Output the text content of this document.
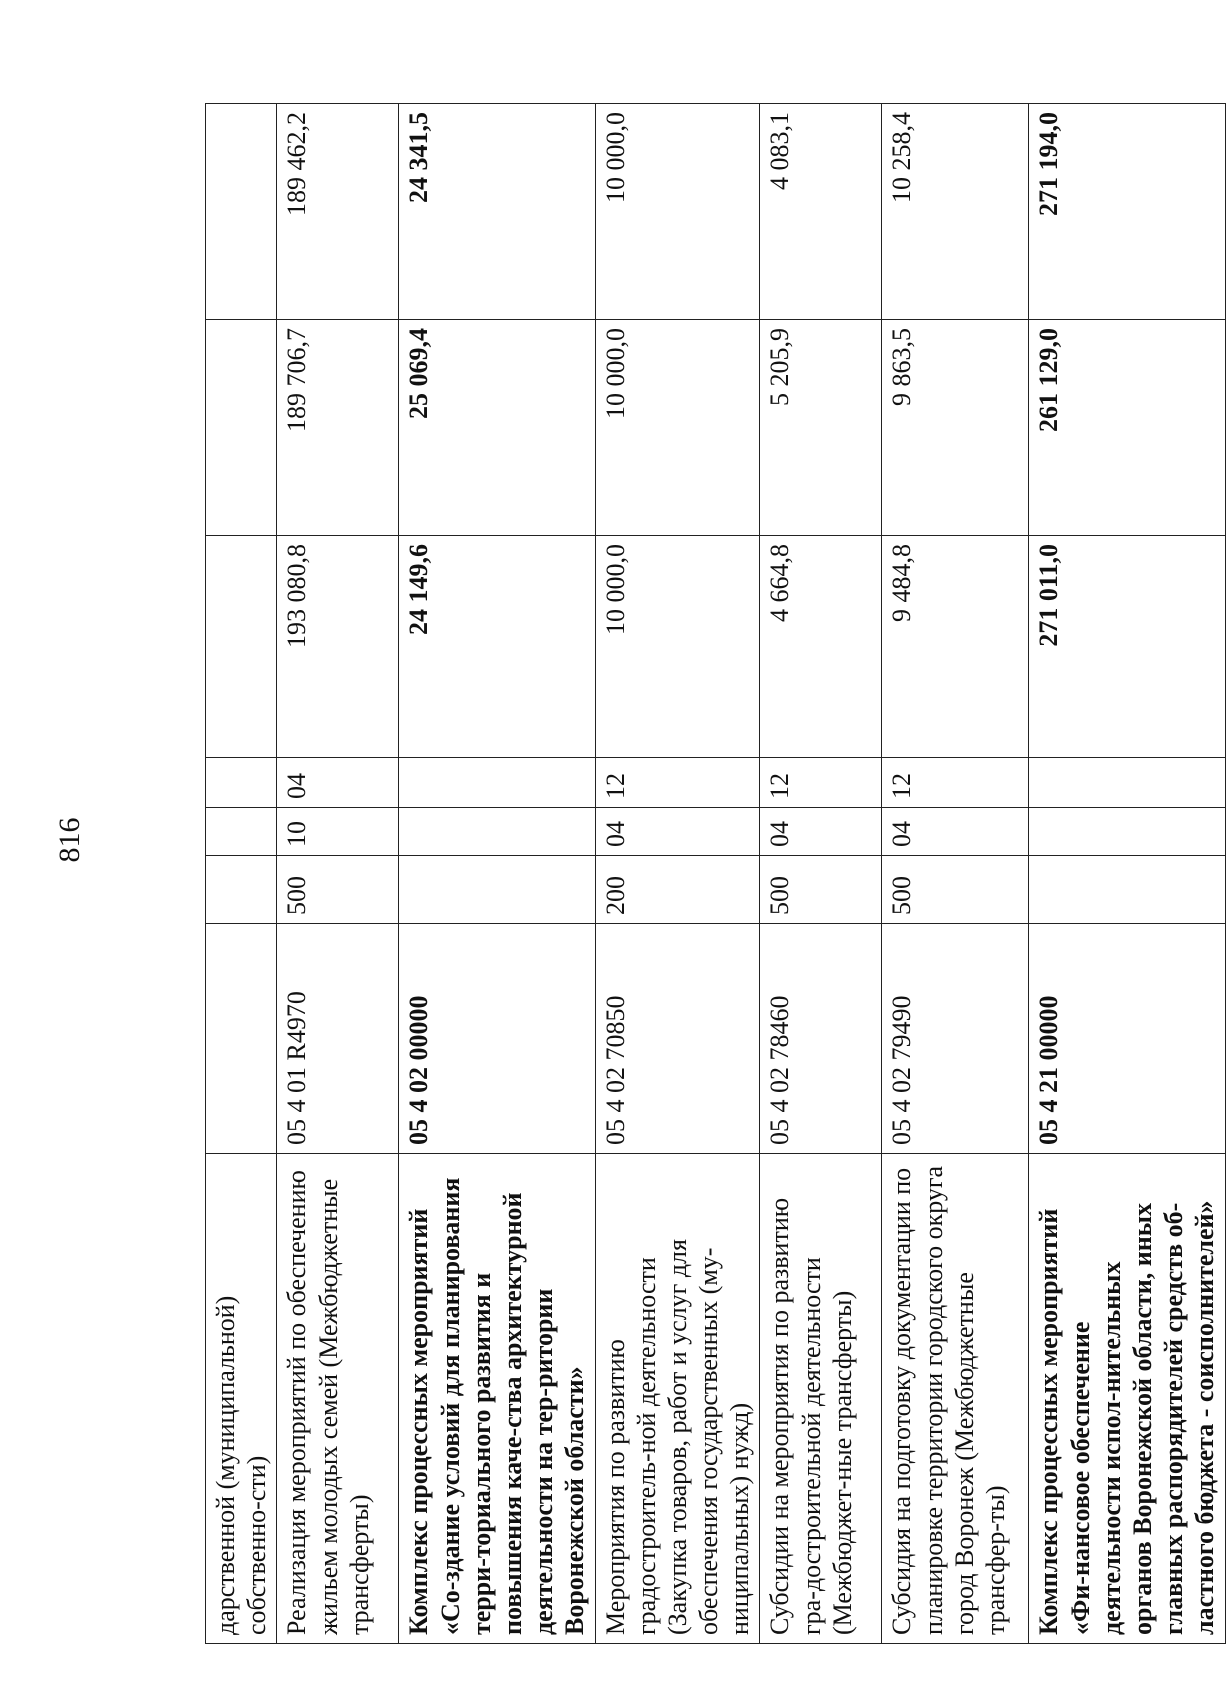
816
дарственной (муниципальной) собственно-сти)							
Реализация мероприятий по обеспечению жильем молодых семей (Межбюджетные трансферты)	05 4 01 R4970	500	10	04	193 080,8	189 706,7	189 462,2
Комплекс процессных мероприятий «Со-здание условий для планирования терри-ториального развития и повышения каче-ства архитектурной деятельности на тер-ритории Воронежской области»	05 4 02 00000				24 149,6	25 069,4	24 341,5
Мероприятия по развитию градостроитель-ной деятельности (Закупка товаров, работ и услуг для обеспечения государственных (му-ниципальных) нужд)	05 4 02 70850	200	04	12	10 000,0	10 000,0	10 000,0
Субсидии на мероприятия по развитию гра-достроительной деятельности (Межбюджет-ные трансферты)	05 4 02 78460	500	04	12	4 664,8	5 205,9	4 083,1
Субсидия на подготовку документации по планировке территории городского округа город Воронеж (Межбюджетные трансфер-ты)	05 4 02 79490	500	04	12	9 484,8	9 863,5	10 258,4
Комплекс процессных мероприятий «Фи-нансовое обеспечение деятельности испол-нительных органов Воронежской области, иных главных распорядителей средств об-ластного бюджета - соисполнителей»	05 4 21 00000				271 011,0	261 129,0	271 194,0
